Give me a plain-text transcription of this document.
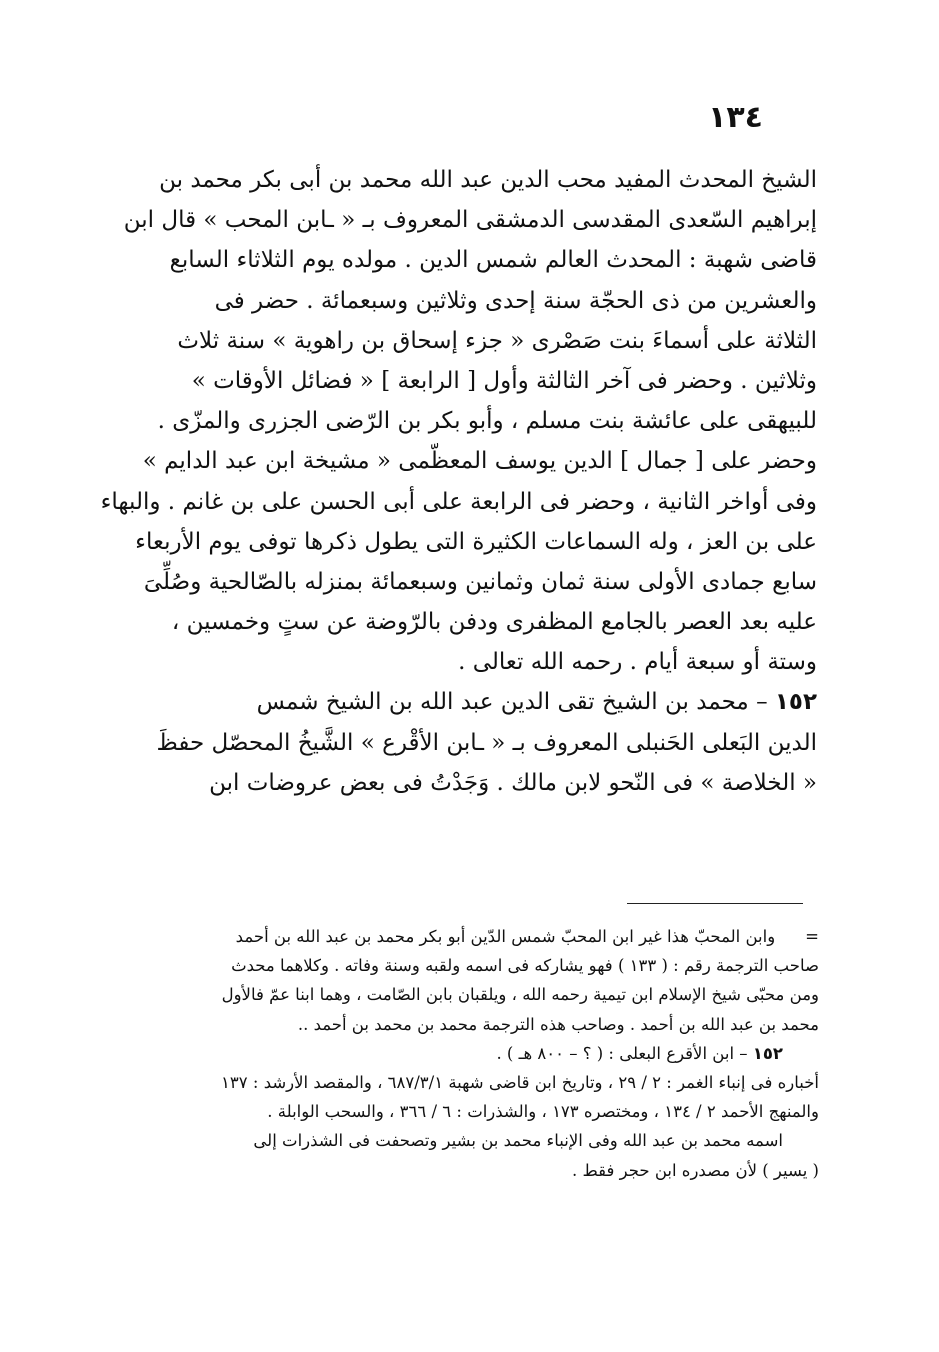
١٣٤
الشيخ المحدث المفيد محب الدين عبد الله محمد بن أبى بكر محمد بن
إبراهيم السّعدى المقدسى الدمشقى المعروف بـ « ـابن المحب » قال ابن
قاضى شهبة : المحدث العالم شمس الدين . مولده يوم الثلاثاء السابع
والعشرين من ذى الحجّة سنة إحدى وثلاثين وسبعمائة . حضر فى
الثلاثة على أسماءَ بنت صَصْرى « جزء إسحاق بن راهوية » سنة ثلاث
وثلاثين . وحضر فى آخر الثالثة وأول [ الرابعة ] « فضائل الأوقات »
للبيهقى على عائشة بنت مسلم ، وأبو بكر بن الرّضى الجزرى والمزّى .
وحضر على [ جمال ] الدين يوسف المعظّمى « مشيخة ابن عبد الدايم »
وفى أواخر الثانية ، وحضر فى الرابعة على أبى الحسن على بن غانم . والبهاء
على بن العز ، وله السماعات الكثيرة التى يطول ذكرها توفى يوم الأربعاء
سابع جمادى الأولى سنة ثمان وثمانين وسبعمائة بمنزله بالصّالحية وصُلِّىَ
عليه بعد العصر بالجامع المظفرى ودفن بالرّوضة عن ستٍ وخمسين ،
وستة أو سبعة أيام . رحمه الله تعالى .
١٥٢ – محمد بن الشيخ تقى الدين عبد الله بن الشيخ شمس
الدين البَعلى الحَنبلى المعروف بـ « ـابن الأقْرع » الشَّيخُ المحصّل حفظَ
« الخلاصة » فى النّحو لابن مالك . وَجَدْتُ فى بعض عروضات ابن
=وابن المحبّ هذا غير ابن المحبّ شمس الدّين أبو بكر محمد بن عبد الله بن أحمد
صاحب الترجمة رقم : ( ١٣٣ ) فهو يشاركه فى اسمه ولقبه وسنة وفاته . وكلاهما محدث
ومن محبّى شيخ الإسلام ابن تيمية رحمه الله ، ويلقبان بابن الصّامت ، وهما ابنا عمّ فالأول
محمد بن عبد الله بن أحمد . وصاحب هذه الترجمة محمد بن محمد بن أحمد ..
١٥٢ – ابن الأقرع البعلى : ( ؟ – ٨٠٠ هـ ) .
أخباره فى إنباء الغمر : ٢ / ٢٩ ، وتاريخ ابن قاضى شهبة ٦٨٧/٣/١ ، والمقصد الأرشد : ١٣٧
والمنهج الأحمد ٢ / ١٣٤ ، ومختصره ١٧٣ ، والشذرات : ٦ / ٣٦٦ ، والسحب الوابلة .
اسمه محمد بن عبد الله وفى الإنباء محمد بن بشير وتصحفت فى الشذرات إلى
( يسير ) لأن مصدره ابن حجر فقط .
